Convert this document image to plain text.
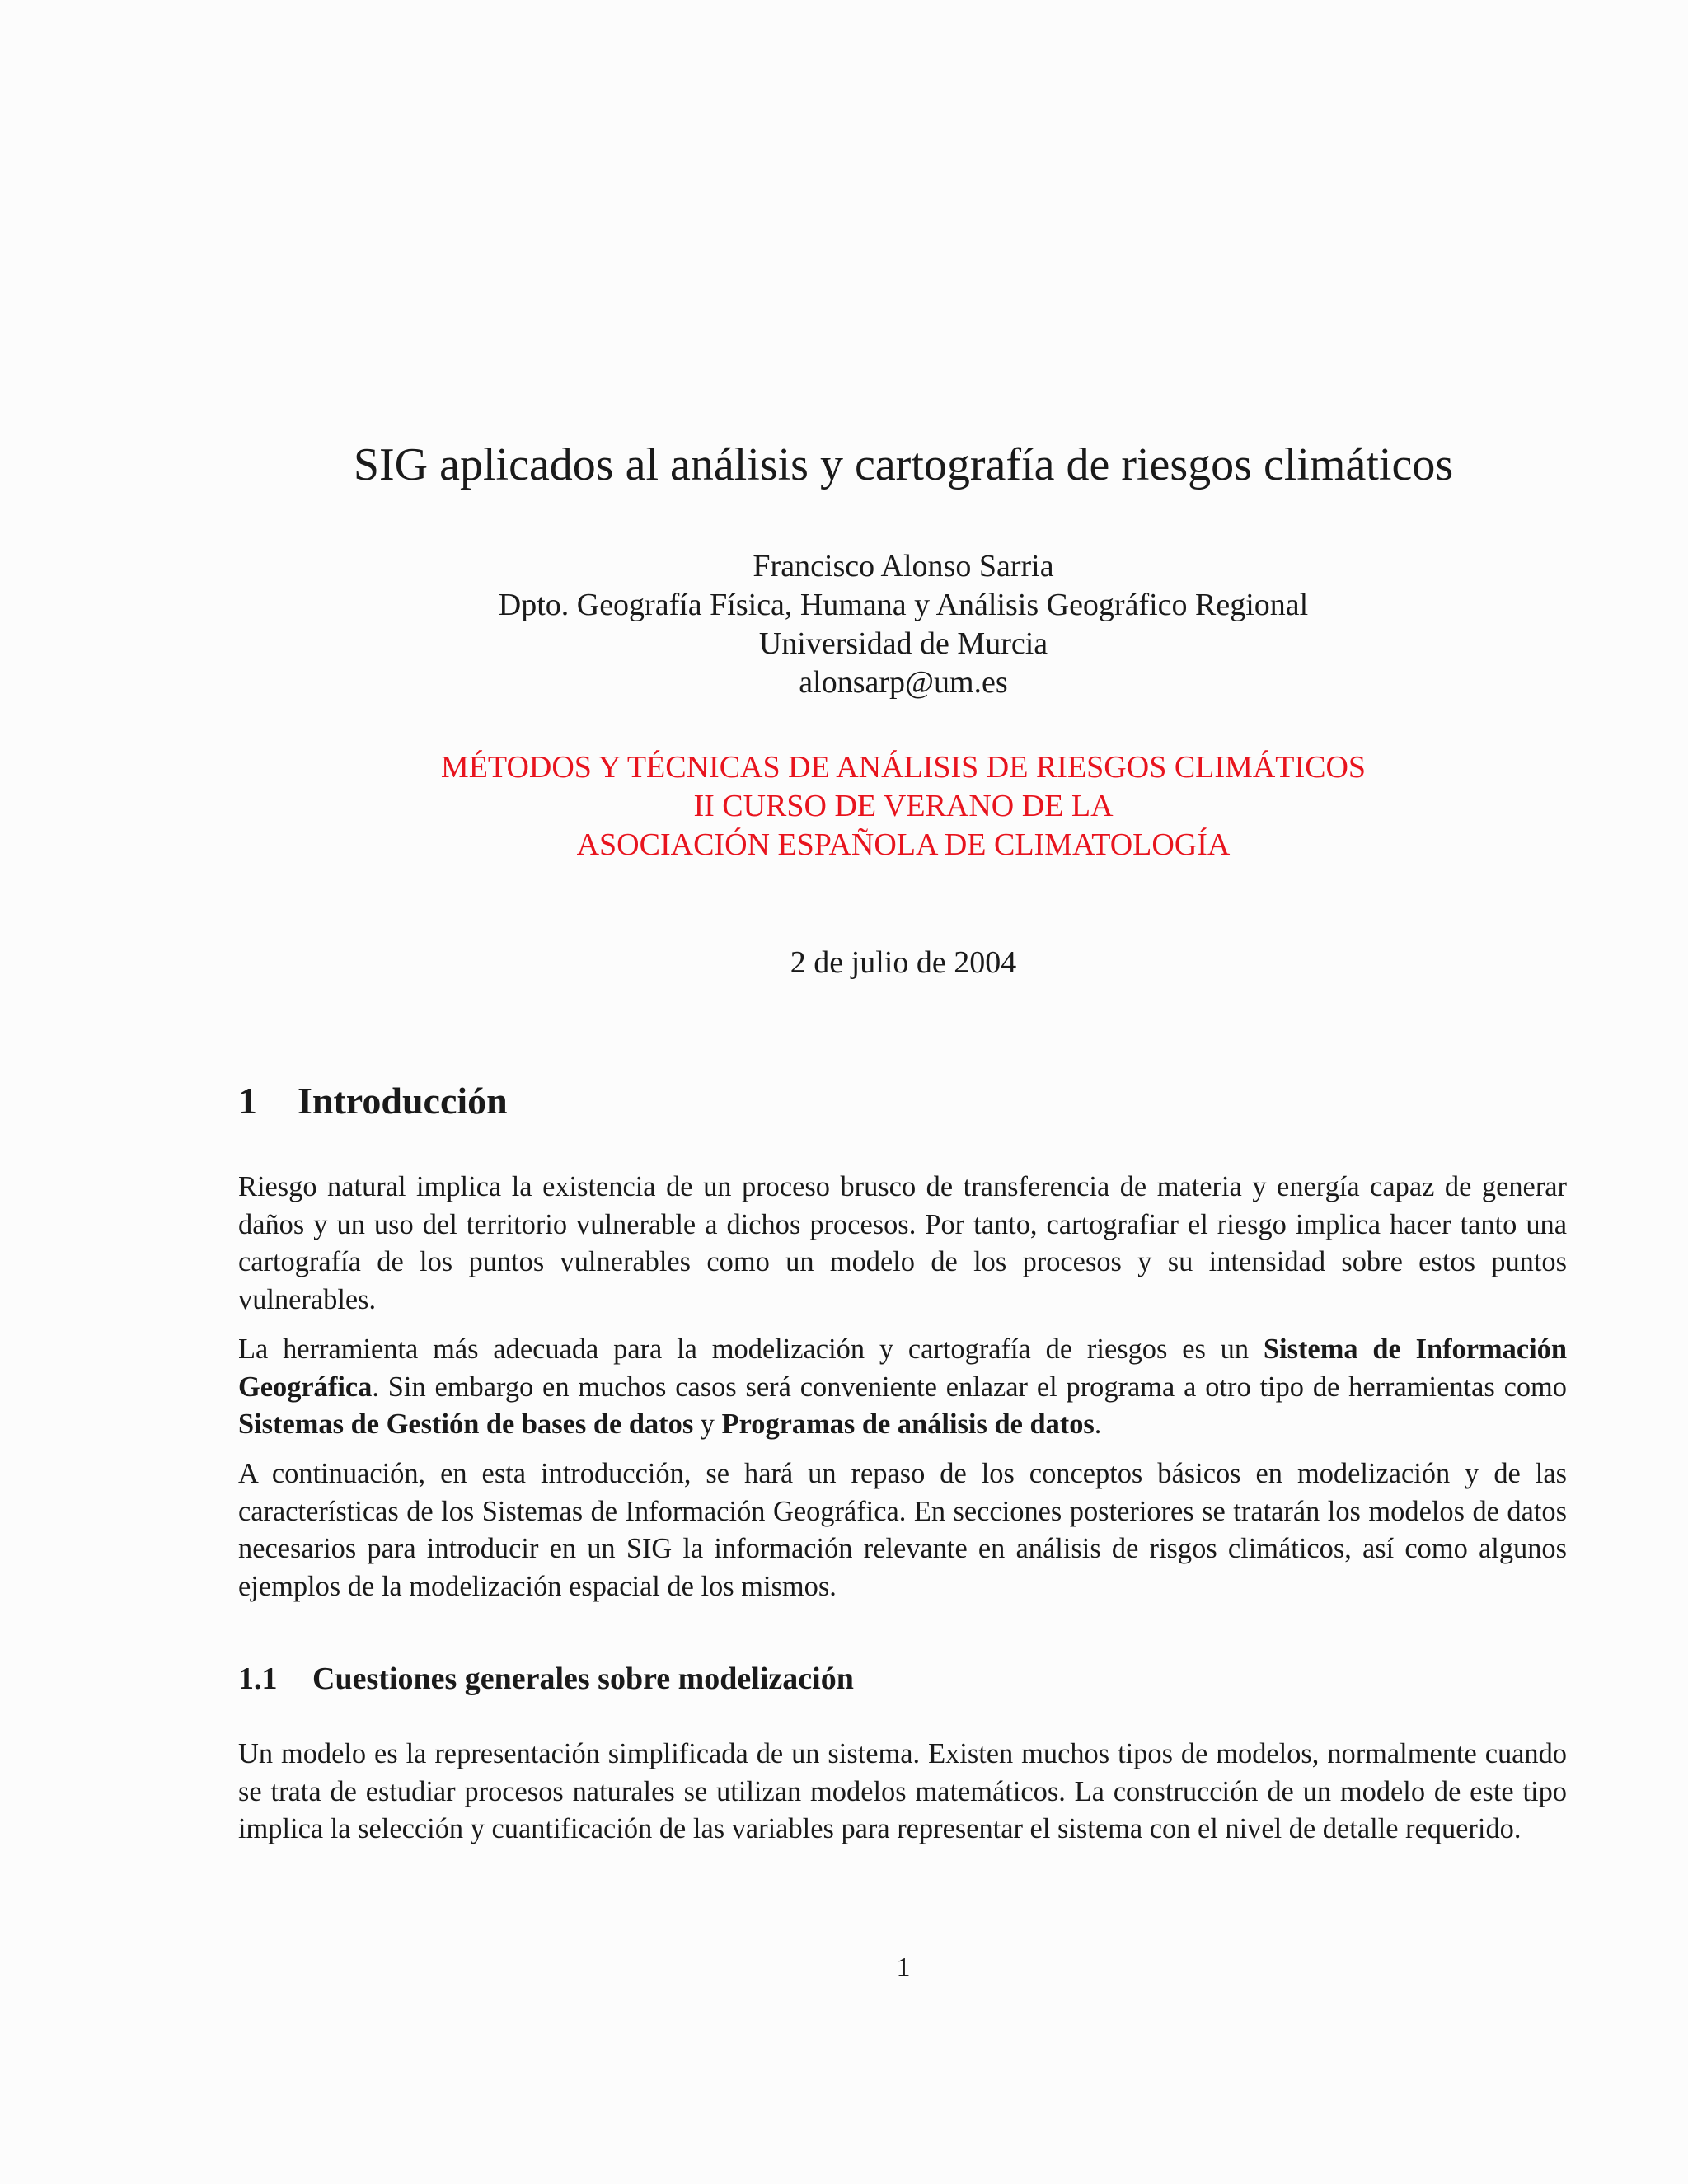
SIG aplicados al análisis y cartografía de riesgos climáticos
Francisco Alonso Sarria
Dpto. Geografía Física, Humana y Análisis Geográfico Regional
Universidad de Murcia
alonsarp@um.es
MÉTODOS Y TÉCNICAS DE ANÁLISIS DE RIESGOS CLIMÁTICOS
II CURSO DE VERANO DE LA
ASOCIACIÓN ESPAÑOLA DE CLIMATOLOGÍA
2 de julio de 2004
1 Introducción

Riesgo natural implica la existencia de un proceso brusco de transferencia de materia y energía capaz de generar daños y un uso del territorio vulnerable a dichos procesos. Por tanto, cartografiar el riesgo implica hacer tanto una cartografía de los puntos vulnerables como un modelo de los procesos y su intensidad sobre estos puntos vulnerables.

La herramienta más adecuada para la modelización y cartografía de riesgos es un Sistema de Información Geográfica. Sin embargo en muchos casos será conveniente enlazar el programa a otro tipo de herramientas como Sistemas de Gestión de bases de datos y Programas de análisis de datos.

A continuación, en esta introducción, se hará un repaso de los conceptos básicos en modelización y de las características de los Sistemas de Información Geográfica. En secciones posteriores se tratarán los modelos de datos necesarios para introducir en un SIG la información relevante en análisis de risgos climáticos, así como algunos ejemplos de la modelización espacial de los mismos.

1.1 Cuestiones generales sobre modelización

Un modelo es la representación simplificada de un sistema. Existen muchos tipos de modelos, normalmente cuando se trata de estudiar procesos naturales se utilizan modelos matemáticos. La construcción de un modelo de este tipo implica la selección y cuantificación de las variables para representar el sistema con el nivel de detalle requerido.

1
